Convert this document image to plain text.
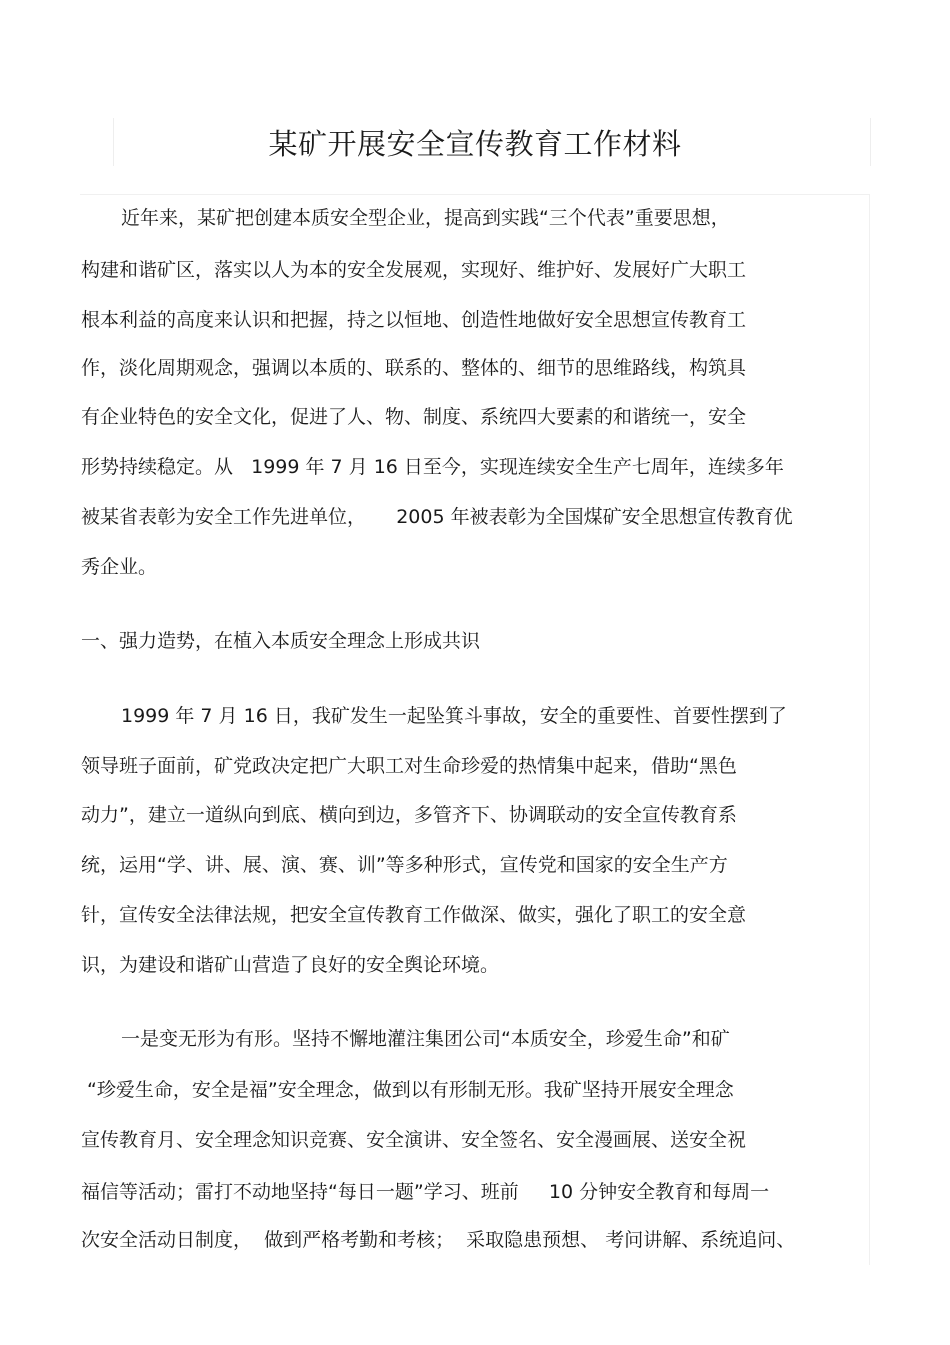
某矿开展安全宣传教育工作材料
近年来，某矿把创建本质安全型企业，提高到实践“三个代表”重要思想，
构建和谐矿区，落实以人为本的安全发展观，实现好、维护好、发展好广大职工
根本利益的高度来认识和把握，持之以恒地、创造性地做好安全思想宣传教育工
作，淡化周期观念，强调以本质的、联系的、整体的、细节的思维路线，构筑具
有企业特色的安全文化，促进了人、物、制度、系统四大要素的和谐统一，安全
形势持续稳定。从   1999 年 7 月 16 日至今，实现连续安全生产七周年，连续多年
被某省表彰为安全工作先进单位，     2005 年被表彰为全国煤矿安全思想宣传教育优
秀企业。
一、强力造势，在植入本质安全理念上形成共识
1999 年 7 月 16 日，我矿发生一起坠箕斗事故，安全的重要性、首要性摆到了
领导班子面前，矿党政决定把广大职工对生命珍爱的热情集中起来，借助“黑色
动力”，建立一道纵向到底、横向到边，多管齐下、协调联动的安全宣传教育系
统，运用“学、讲、展、演、赛、训”等多种形式，宣传党和国家的安全生产方
针，宣传安全法律法规，把安全宣传教育工作做深、做实，强化了职工的安全意
识，为建设和谐矿山营造了良好的安全舆论环境。
一是变无形为有形。坚持不懈地灌注集团公司“本质安全，珍爱生命”和矿
“珍爱生命，安全是福”安全理念，做到以有形制无形。我矿坚持开展安全理念
宣传教育月、安全理念知识竞赛、安全演讲、安全签名、安全漫画展、送安全祝
福信等活动；雷打不动地坚持“每日一题”学习、班前     10 分钟安全教育和每周一
次安全活动日制度，  做到严格考勤和考核；  采取隐患预想、 考问讲解、系统追问、
